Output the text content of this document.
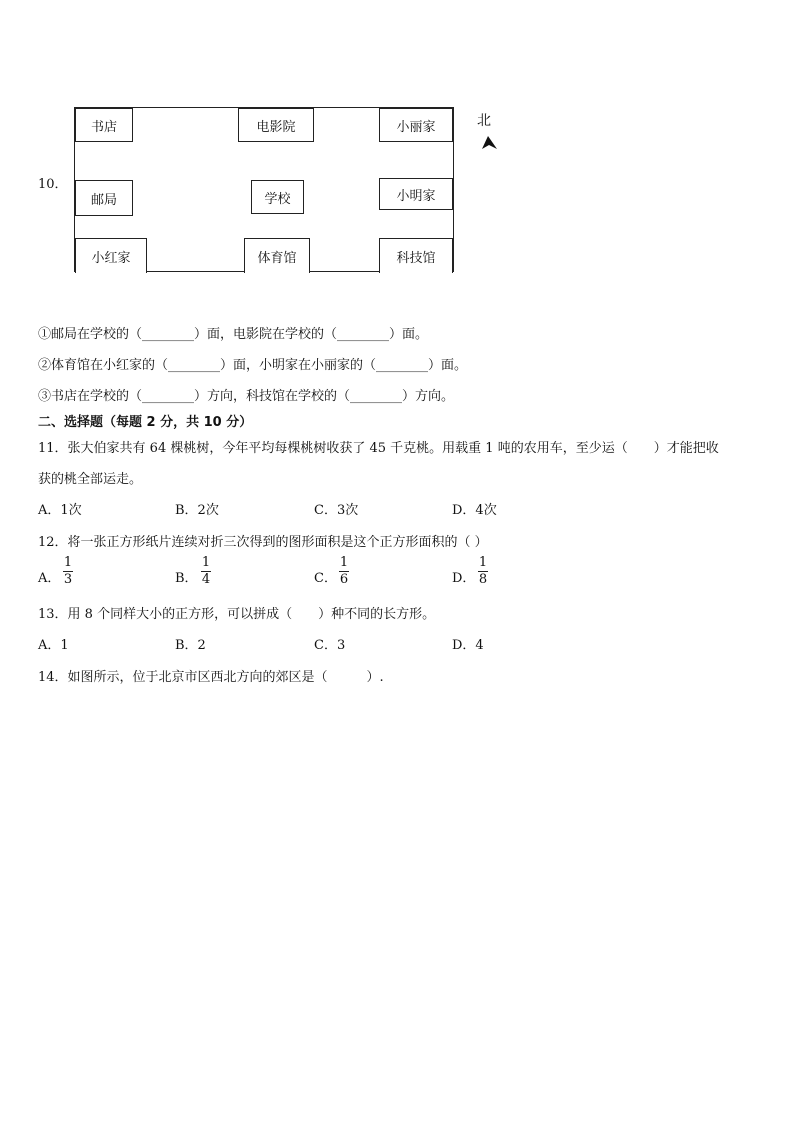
10．
书店	电影院	小丽家
邮局	学校	小明家
小红家	体育馆	科技馆
北
①邮局在学校的（________）面，电影院在学校的（________）面。
②体育馆在小红家的（________）面，小明家在小丽家的（________）面。
③书店在学校的（________）方向，科技馆在学校的（________）方向。
二、选择题（每题 2 分，共 10 分）
11．张大伯家共有 64 棵桃树，今年平均每棵桃树收获了 45 千克桃。用载重 1 吨的农用车，至少运（　　）才能把收
获的桃全部运走。
A．1次	B．2次	C．3次	D．4次
12．将一张正方形纸片连续对折三次得到的图形面积是这个正方形面积的（ ）
A．
1
3	B．
1
4	C．
1
6	D．
1
8
13．用 8 个同样大小的正方形，可以拼成（　　）种不同的长方形。
A．1	B．2	C．3	D．4
14．如图所示，位于北京市区西北方向的郊区是（　　　）.
